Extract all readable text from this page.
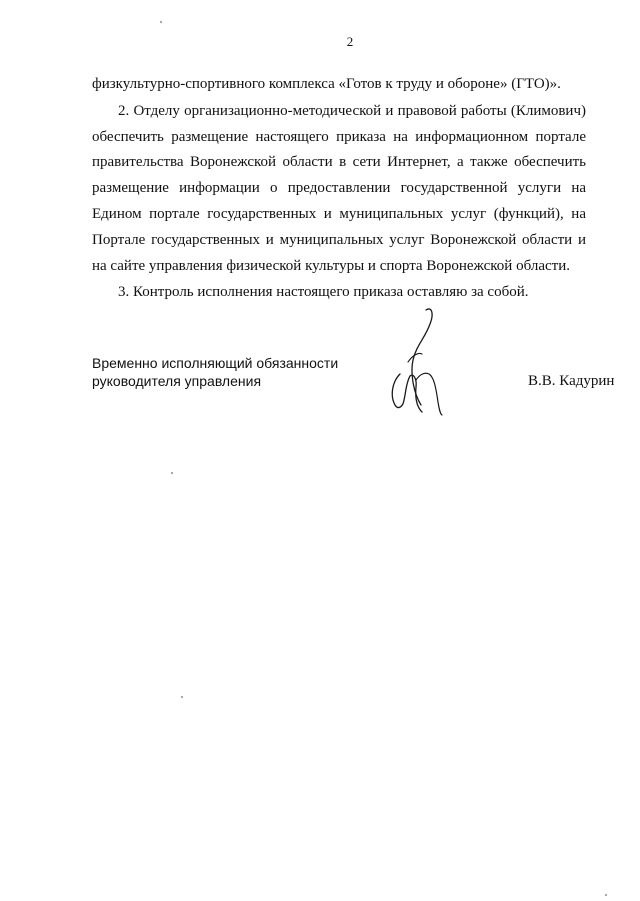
2

физкультурно-спортивного комплекса «Готов к труду и обороне» (ГТО)».

2. Отделу организационно-методической и правовой работы (Климович) обеспечить размещение настоящего приказа на информационном портале правительства Воронежской области в сети Интернет, а также обеспечить размещение информации о предоставлении государственной услуги на Едином портале государственных и муниципальных услуг (функций), на Портале государственных и муниципальных услуг Воронежской области и на сайте управления физической культуры и спорта Воронежской области.

3. Контроль исполнения настоящего приказа оставляю за собой.

Временно исполняющий обязанности
руководителя управления	В.В. Кадурин
